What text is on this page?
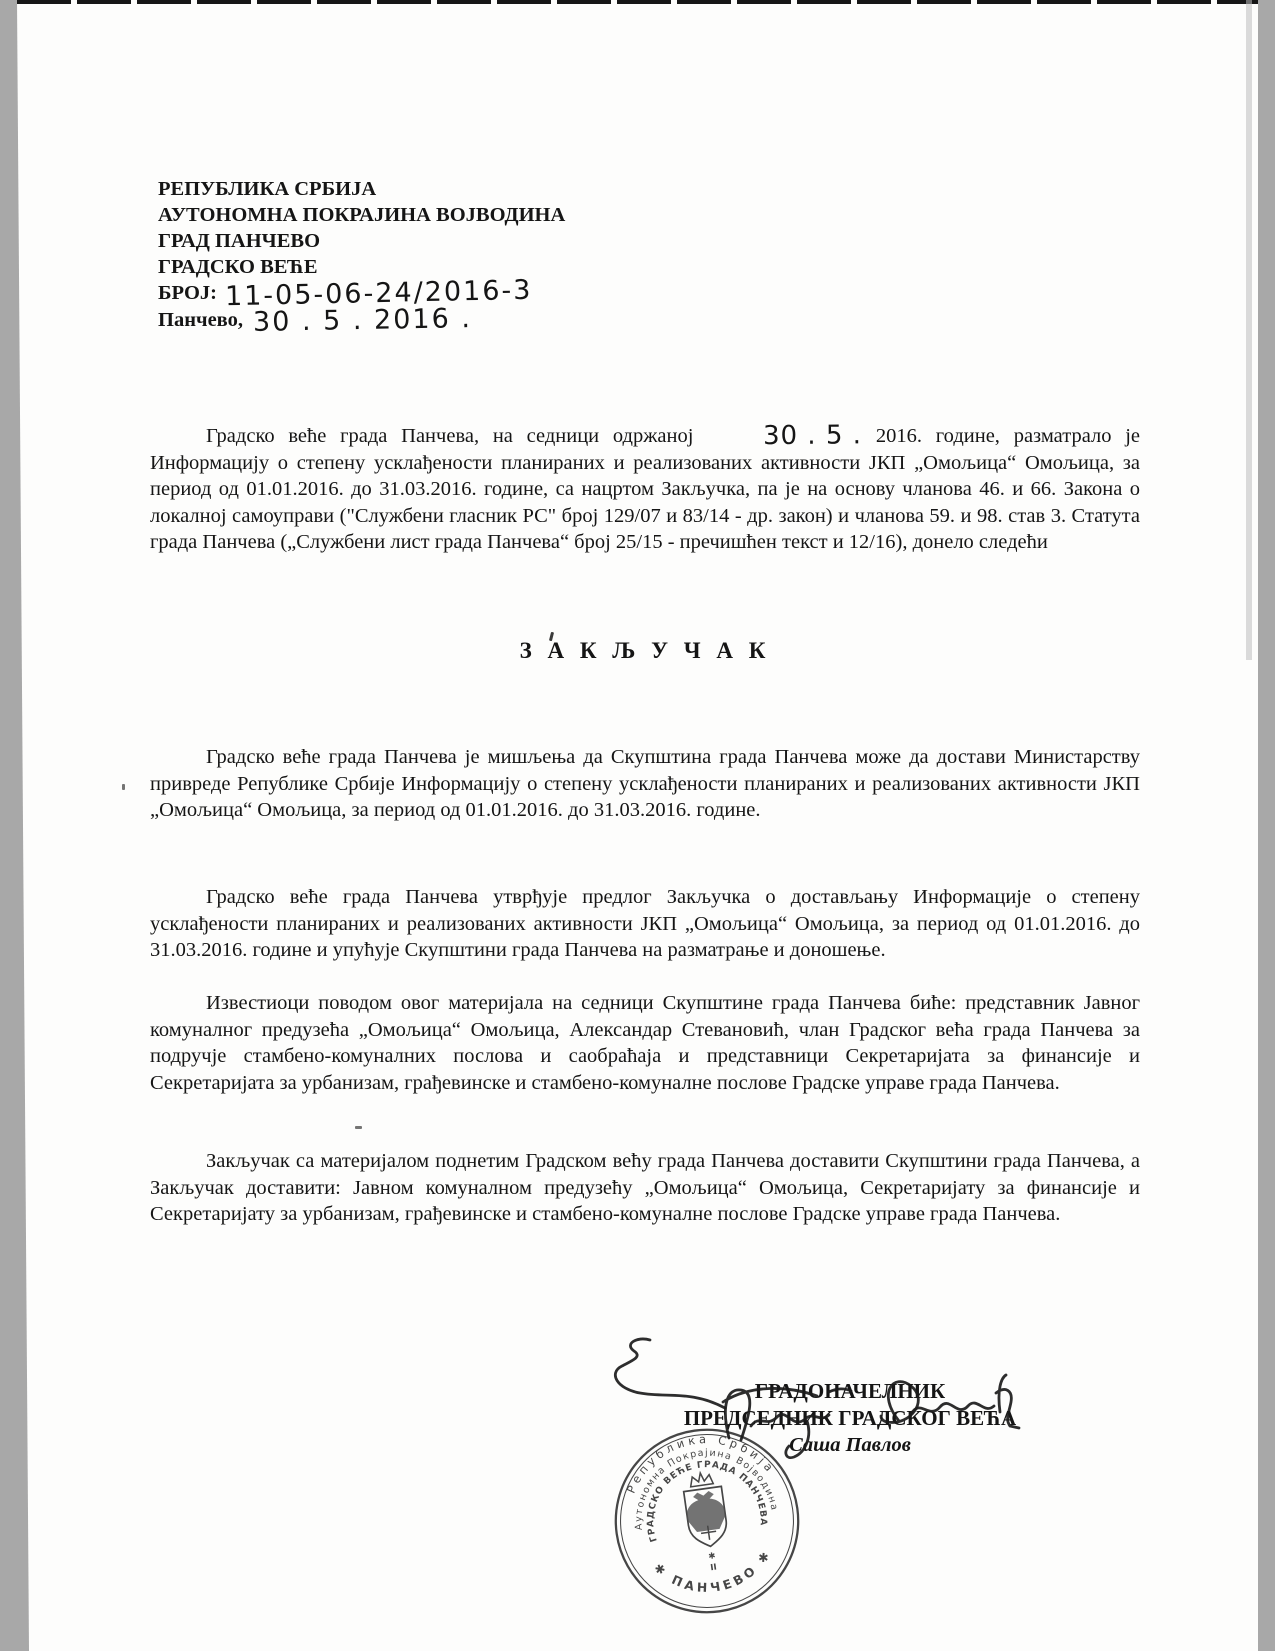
РЕПУБЛИКА СРБИЈА
АУТОНОМНА ПОКРАЈИНА ВОЈВОДИНА
ГРАД ПАНЧЕВО
ГРАДСКО ВЕЋЕ
БРОЈ: 11-05-06-24/2016-3
Панчево, 30 . 5 . 2016 .

Градско веће града Панчева, на седници одржаној	30 . 5 . 2016. године, разматрало је Информацију о степену усклађености планираних и реализованих активности ЈКП „Омољица“ Омољица, за период од 01.01.2016. до 31.03.2016. године, са нацртом Закључка, па је на основу чланова 46. и 66. Закона о локалној самоуправи ("Службени гласник РС" број 129/07 и 83/14 - др. закон) и чланова 59. и 98. став 3. Статута града Панчева („Службени лист града Панчева“ број 25/15 - пречишћен текст и 12/16), донело следећи

З А К Љ У Ч А К

Градско веће града Панчева је мишљења да Скупштина града Панчева може да достави Министарству привреде Републике Србије Информацију о степену усклађености планираних и реализованих активности ЈКП „Омољица“ Омољица, за период од 01.01.2016. до 31.03.2016. године.

Градско веће града Панчева утврђује предлог Закључка о достављању Информације о степену усклађености планираних и реализованих активности ЈКП „Омољица“ Омољица, за период од 01.01.2016. до 31.03.2016. године и упућује Скупштини града Панчева на разматрање и доношење.

Известиоци поводом овог материјала на седници Скупштине града Панчева биће: представник Јавног комуналног предузећа „Омољица“ Омољица, Александар Стевановић, члан Градског већа града Панчева за подручје стамбено-комуналних послова и саобраћаја и представници Секретаријата за финансије и Секретаријата за урбанизам, грађевинске и стамбено-комуналне послове Градске управе града Панчева.

Закључак са материјалом поднетим Градском већу града Панчева доставити Скупштини града Панчева, а Закључак доставити: Јавном комуналном предузећу „Омољица“ Омољица, Секретаријату за финансије и Секретаријату за урбанизам, грађевинске и стамбено-комуналне послове Градске управе града Панчева.

ГРАДОНАЧЕЛНИК
ПРЕДСЕДНИК ГРАДСКОГ ВЕЋА
Саша Павлов
Република Србија
Аутономна Покрајина Војводина
ГРАДСКО ВЕЋЕ ГРАДА ПАНЧЕВА
✱ ПАНЧЕВО ✱
✱
II
